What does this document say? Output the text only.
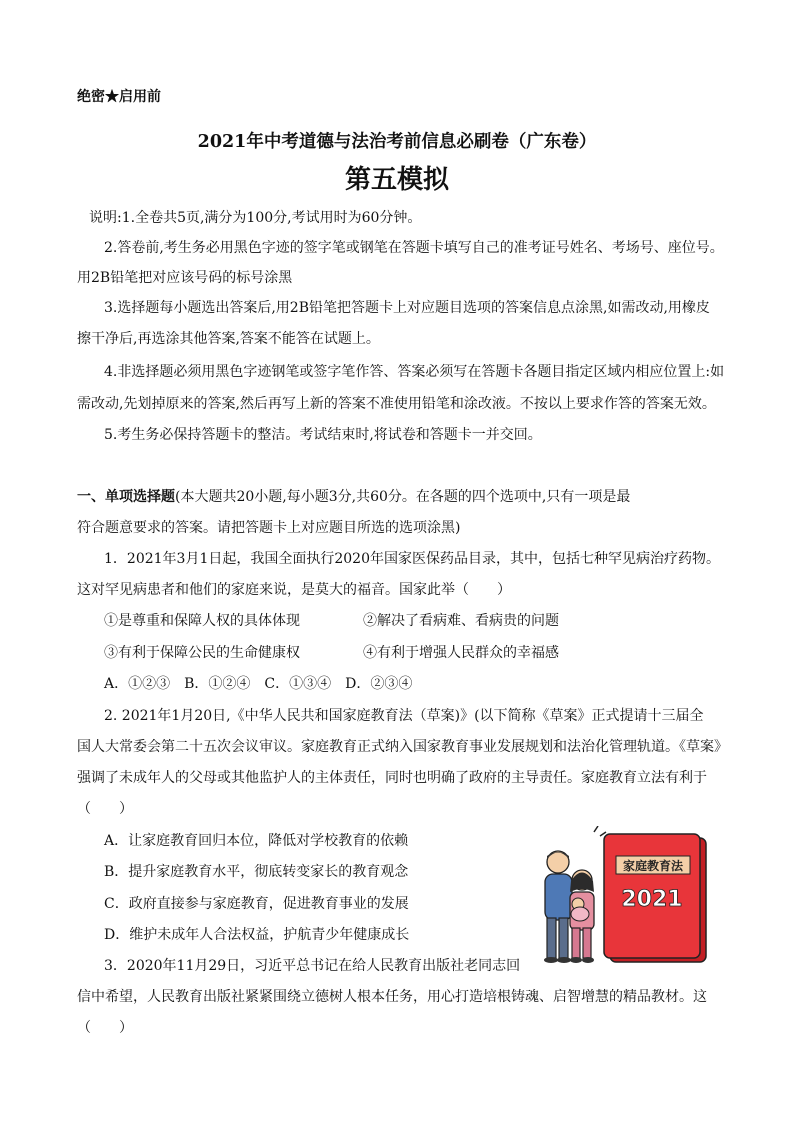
绝密★启用前
2021年中考道德与法治考前信息必刷卷（广东卷）
第五模拟
说明:1.全卷共5页,满分为100分,考试用时为60分钟。
2.答卷前,考生务必用黑色字迹的签字笔或钢笔在答题卡填写自己的准考证号姓名、考场号、座位号。
用2B铅笔把对应该号码的标号涂黑
3.选择题每小题选出答案后,用2B铅笔把答题卡上对应题目选项的答案信息点涂黑,如需改动,用橡皮
擦干净后,再选涂其他答案,答案不能答在试题上。
4.非选择题必须用黑色字迹钢笔或签字笔作答、答案必须写在答题卡各题目指定区域内相应位置上:如
需改动,先划掉原来的答案,然后再写上新的答案不准使用铅笔和涂改液。不按以上要求作答的答案无效。
5.考生务必保持答题卡的整洁。考试结束时,将试卷和答题卡一并交回。
一、单项选择题(本大题共20小题,每小题3分,共60分。在各题的四个选项中,只有一项是最
符合题意要求的答案。请把答题卡上对应题目所选的选项涂黑)
1．2021年3月1日起，我国全面执行2020年国家医保药品目录，其中，包括七种罕见病治疗药物。
这对罕见病患者和他们的家庭来说，是莫大的福音。国家此举（　　）
①是尊重和保障人权的具体体现	②解决了看病难、看病贵的问题
③有利于保障公民的生命健康权	④有利于增强人民群众的幸福感
A．①②③　B．①②④　C．①③④　D．②③④
2. 2021年1月20日,《中华人民共和国家庭教育法（草案)》(以下简称《草案》正式提请十三届全
国人大常委会第二十五次会议审议。家庭教育正式纳入国家教育事业发展规划和法治化管理轨道。《草案》
强调了未成年人的父母或其他监护人的主体责任，同时也明确了政府的主导责任。家庭教育立法有利于
（　　）
A．让家庭教育回归本位，降低对学校教育的依赖
B．提升家庭教育水平，彻底转变家长的教育观念
C．政府直接参与家庭教育，促进教育事业的发展
D．维护未成年人合法权益，护航青少年健康成长
3．2020年11月29日，习近平总书记在给人民教育出版社老同志回
信中希望，人民教育出版社紧紧围绕立德树人根本任务，用心打造培根铸魂、启智增慧的精品教材。这
（　　）
家庭教育法
2021
